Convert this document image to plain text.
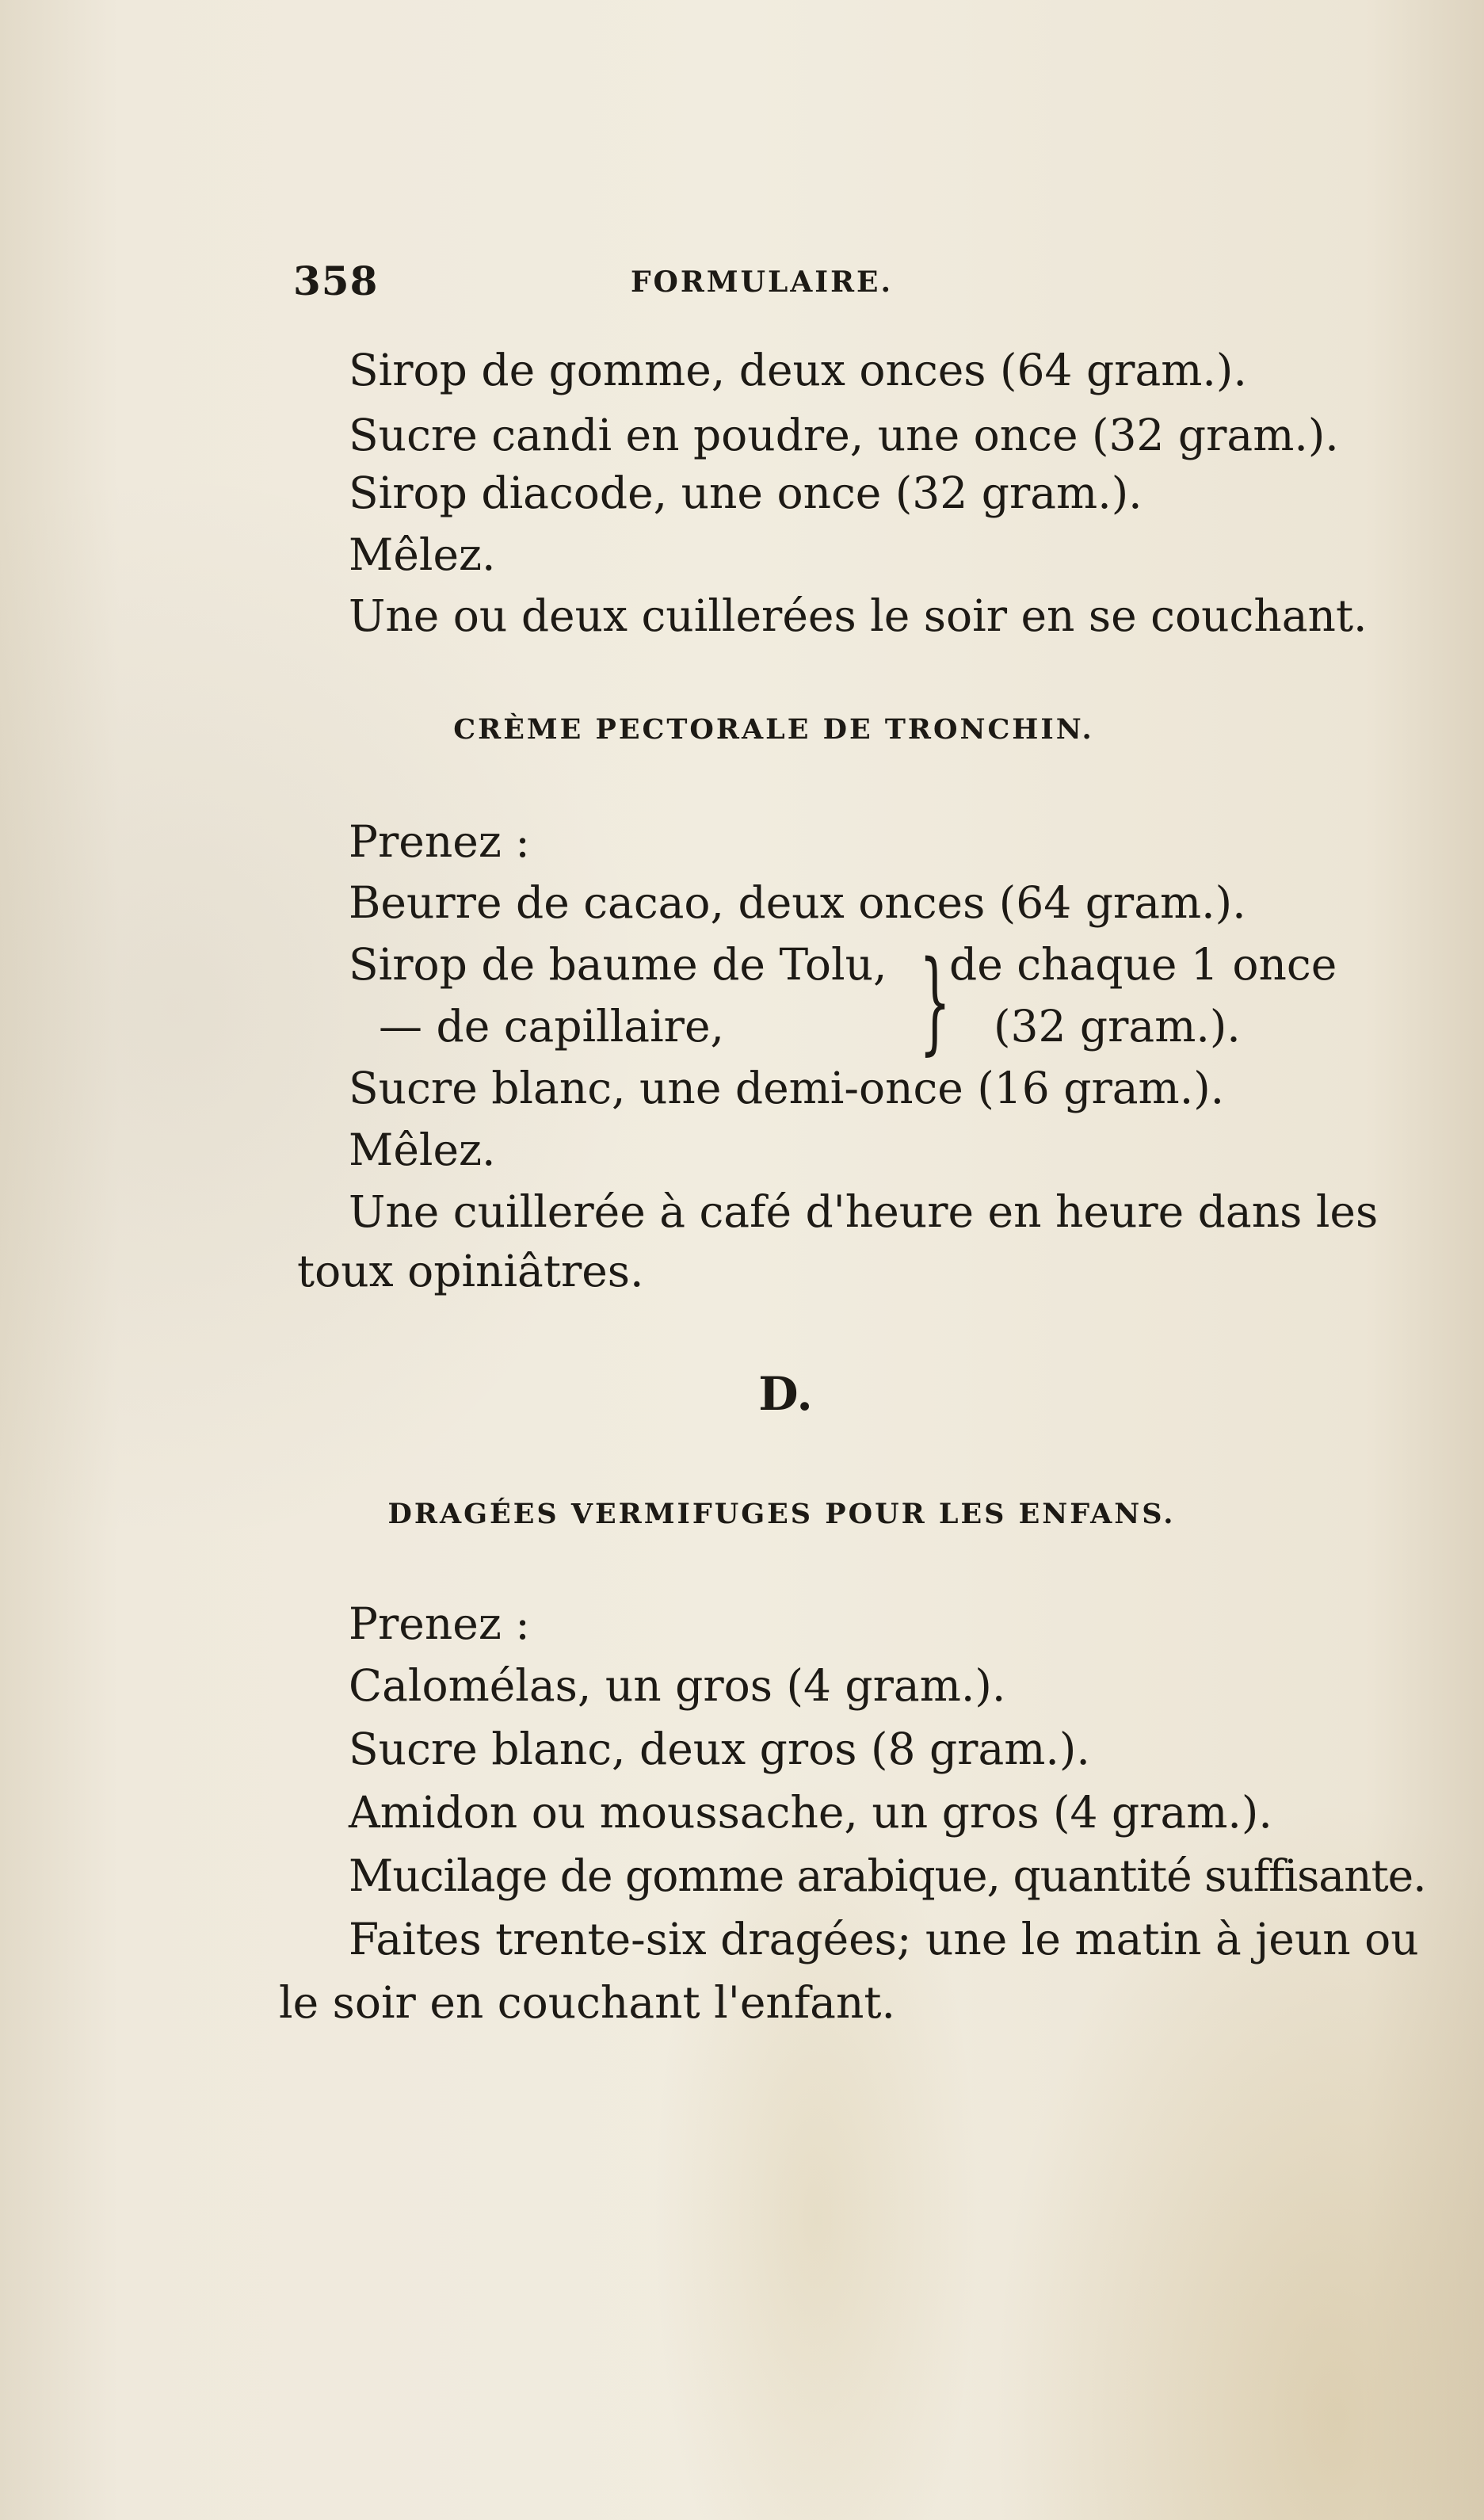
358	FORMULAIRE.
Sirop de gomme, deux onces (64 gram.).
Sucre candi en poudre, une once (32 gram.).
Sirop diacode, une once (32 gram.).
Mêlez.
Une ou deux cuillerées le soir en se couchant.
CRÈME PECTORALE DE TRONCHIN.
Prenez :
Beurre de cacao, deux onces (64 gram.).
Sirop de baume de Tolu,
— de capillaire, }
de chaque 1 once
(32 gram.).
Sucre blanc, une demi-once (16 gram.).
Mêlez.
Une cuillerée à café d'heure en heure dans les
toux opiniâtres.
D.
DRAGÉES VERMIFUGES POUR LES ENFANS.
Prenez :
Calomélas, un gros (4 gram.).
Sucre blanc, deux gros (8 gram.).
Amidon ou moussache, un gros (4 gram.).
Mucilage de gomme arabique, quantité suffisante.
Faites trente-six dragées; une le matin à jeun ou
le soir en couchant l'enfant.
